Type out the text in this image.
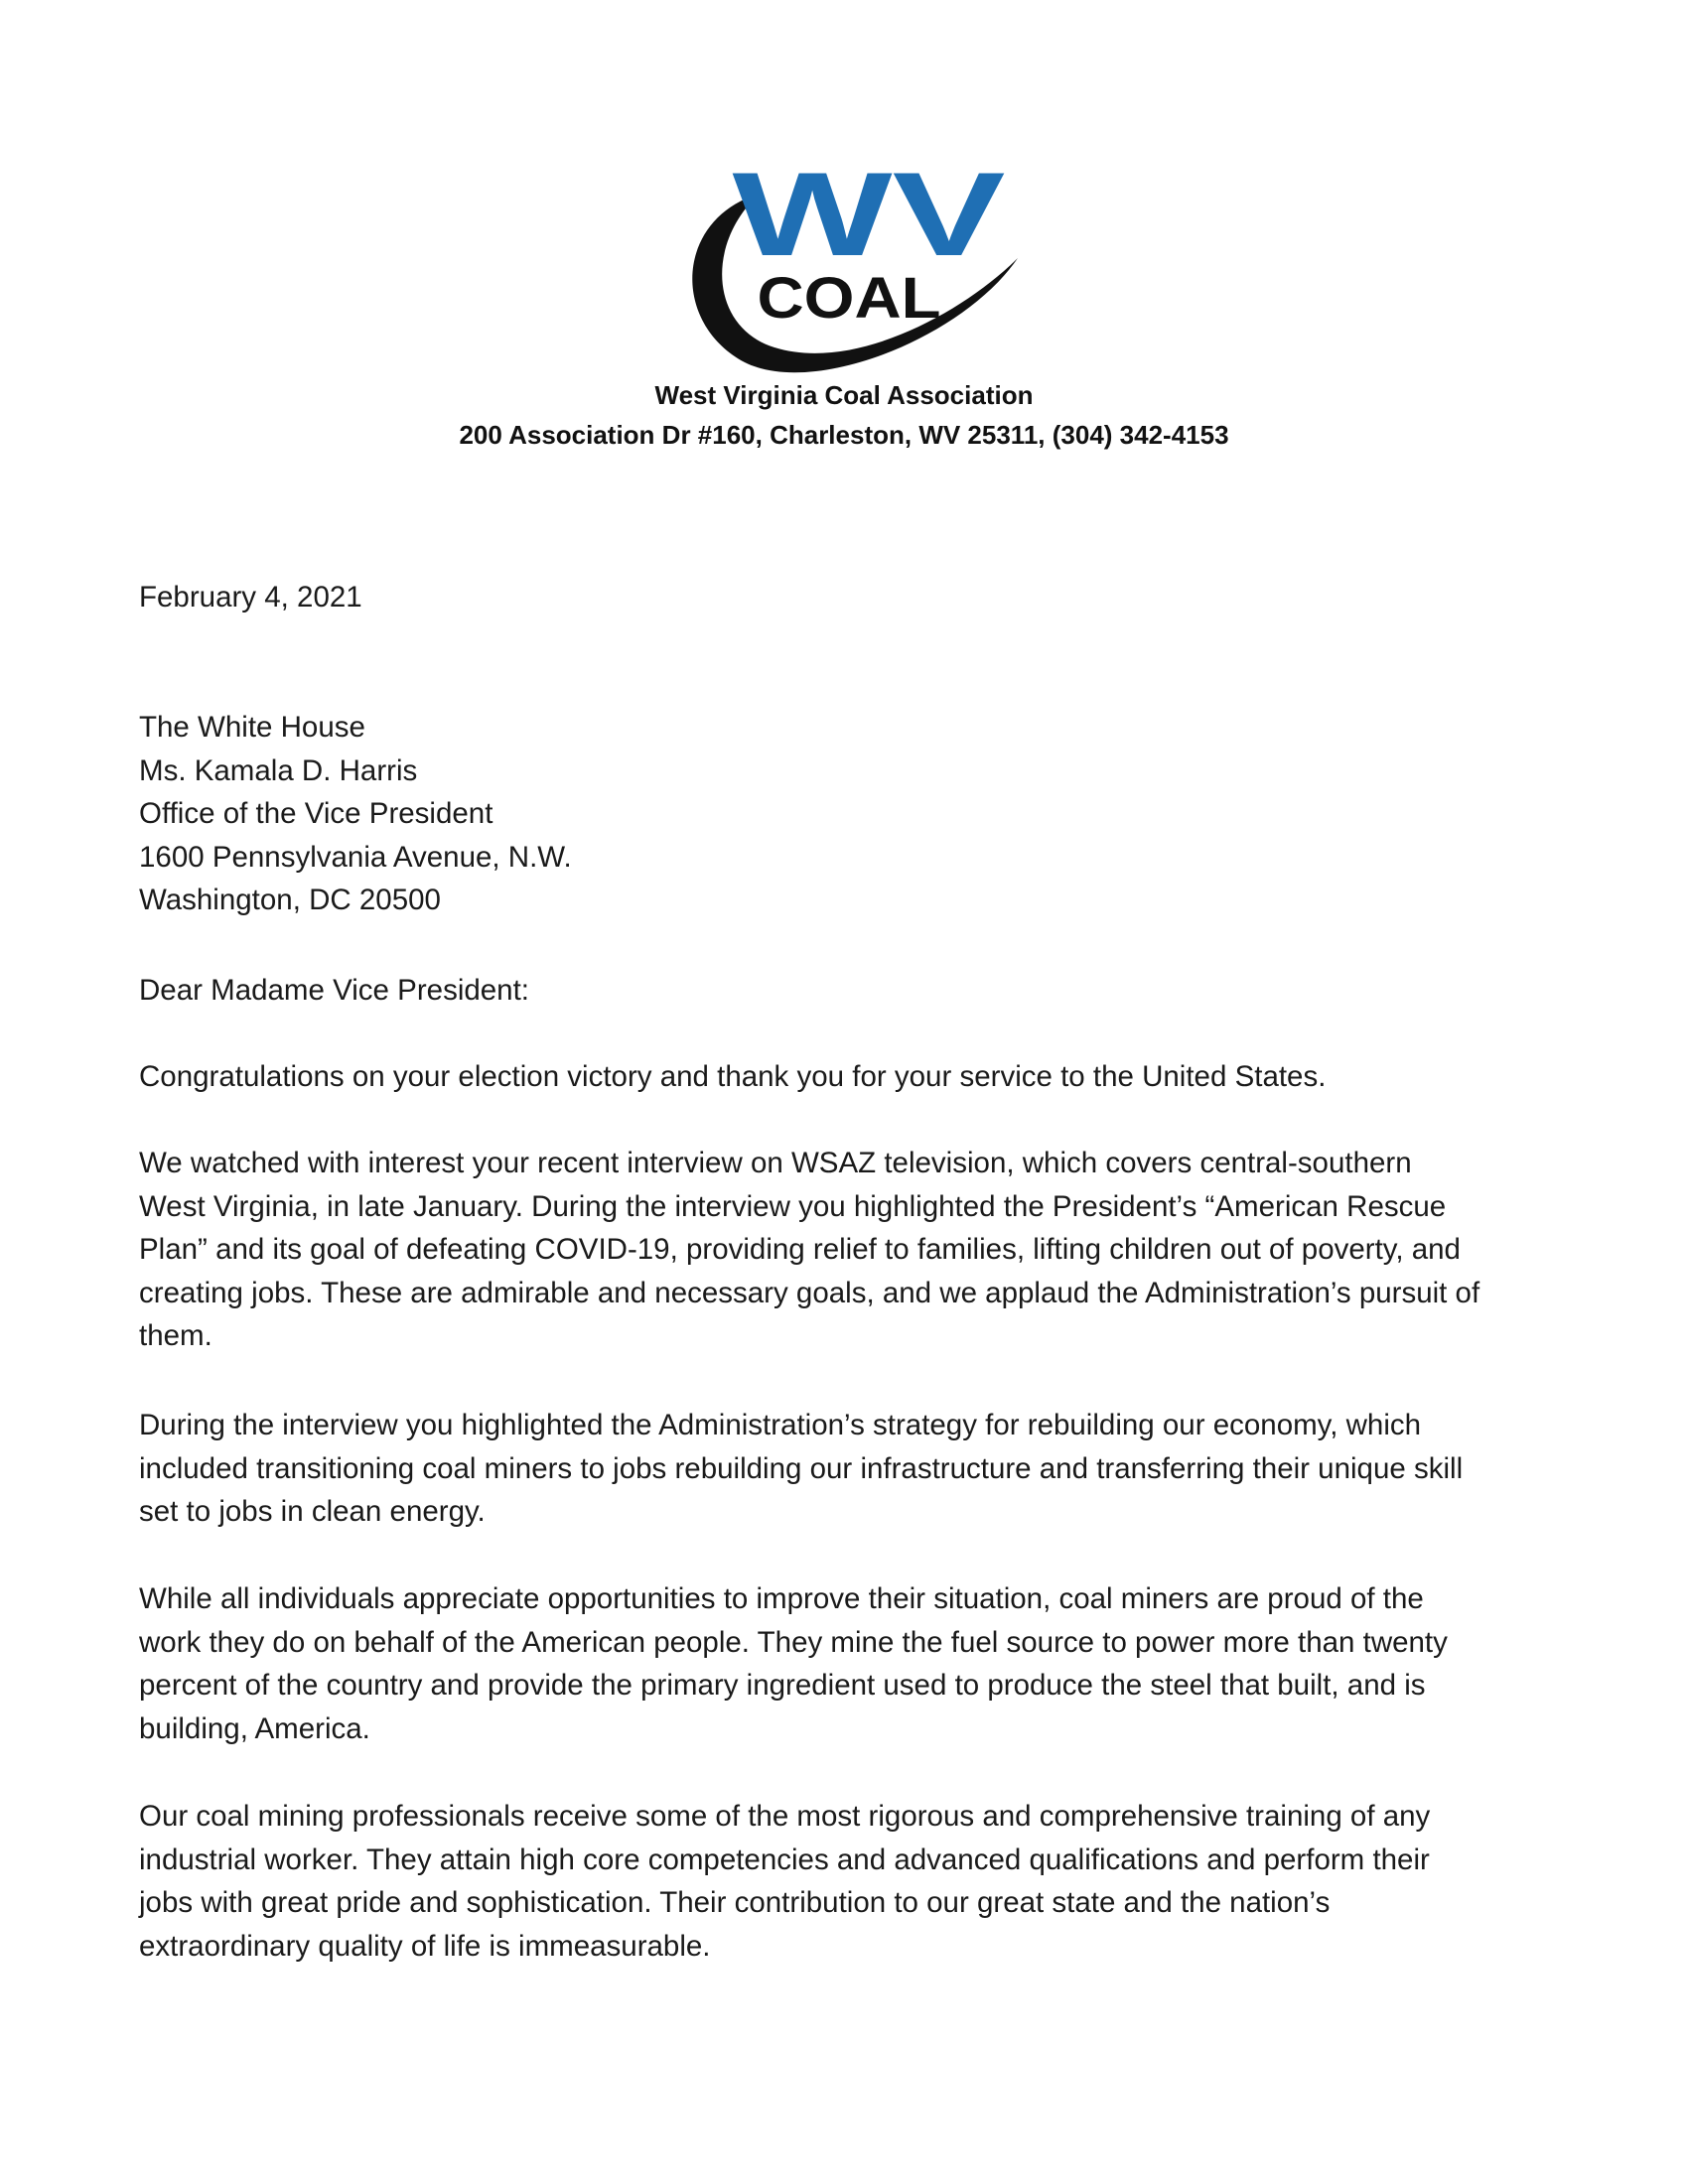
WV
COAL
West Virginia Coal Association
200 Association Dr #160, Charleston, WV 25311, (304) 342-4153
February 4, 2021
The White House
Ms. Kamala D. Harris
Office of the Vice President
1600 Pennsylvania Avenue, N.W.
Washington, DC 20500
Dear Madame Vice President:
Congratulations on your election victory and thank you for your service to the United States.
We watched with interest your recent interview on WSAZ television, which covers central-southern
West Virginia, in late January. During the interview you highlighted the President’s “American Rescue
Plan” and its goal of defeating COVID-19, providing relief to families, lifting children out of poverty, and
creating jobs. These are admirable and necessary goals, and we applaud the Administration’s pursuit of
them.
During the interview you highlighted the Administration’s strategy for rebuilding our economy, which
included transitioning coal miners to jobs rebuilding our infrastructure and transferring their unique skill
set to jobs in clean energy.
While all individuals appreciate opportunities to improve their situation, coal miners are proud of the
work they do on behalf of the American people. They mine the fuel source to power more than twenty
percent of the country and provide the primary ingredient used to produce the steel that built, and is
building, America.
Our coal mining professionals receive some of the most rigorous and comprehensive training of any
industrial worker. They attain high core competencies and advanced qualifications and perform their
jobs with great pride and sophistication. Their contribution to our great state and the nation’s
extraordinary quality of life is immeasurable.
